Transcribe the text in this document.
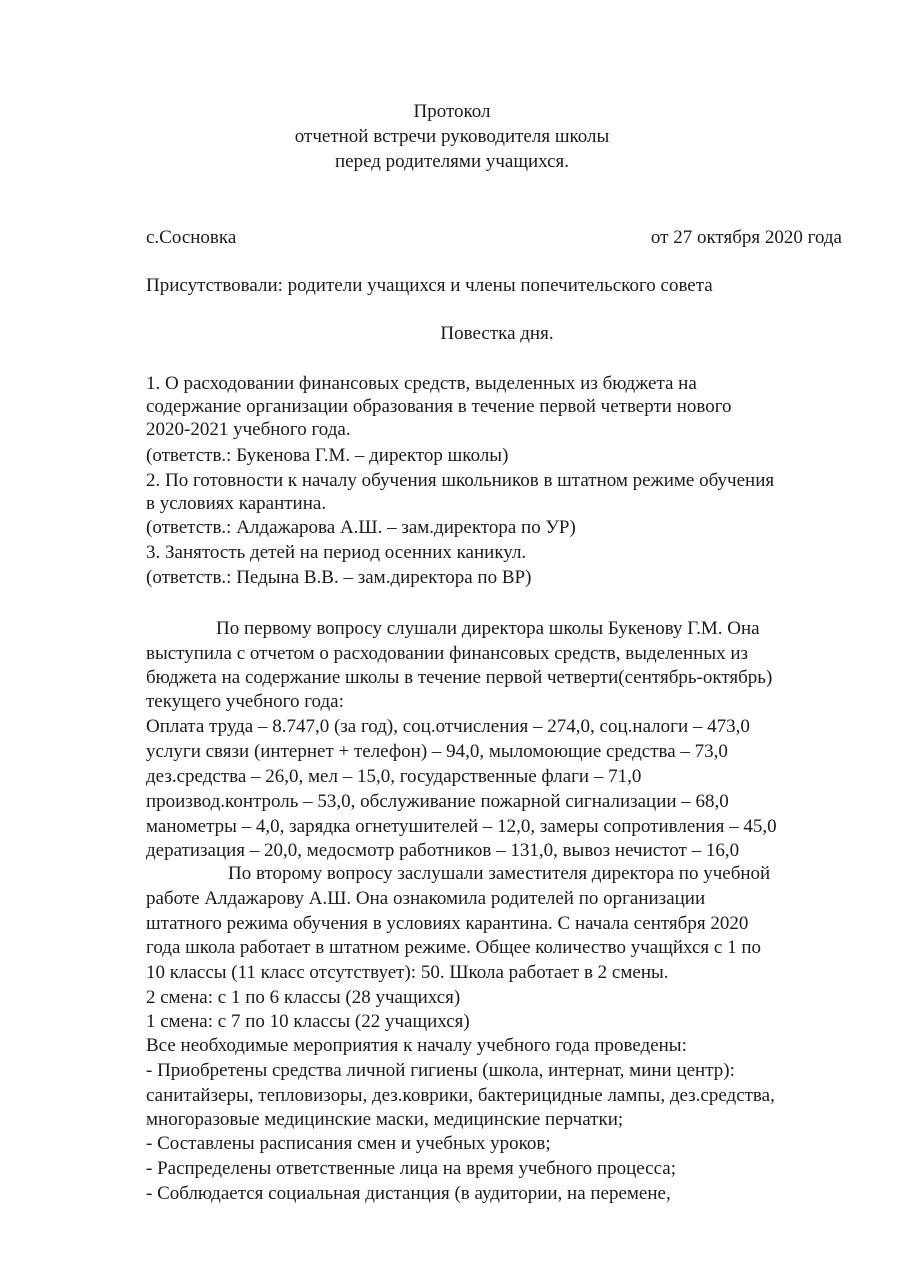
Протокол
отчетной встречи руководителя школы
перед родителями учащихся.
с.Сосновка	от 27 октября 2020 года
Присутствовали: родители учащихся и члены попечительского совета
Повестка дня.
1. О расходовании финансовых средств, выделенных из бюджета на
содержание организации образования в течение первой четверти нового
2020-2021 учебного года.
(ответств.: Букенова Г.М. – директор школы)
2. По готовности к началу обучения школьников в штатном режиме обучения
в условиях карантина.
(ответств.: Алдажарова А.Ш. – зам.директора по УР)
3. Занятость детей на период осенних каникул.
(ответств.: Педына В.В. – зам.директора по ВР)
По первому вопросу слушали директора школы Букенову Г.М. Она
выступила с отчетом о расходовании финансовых средств, выделенных из
бюджета на содержание школы в течение первой четверти(сентябрь-октябрь)
текущего учебного года:
Оплата труда – 8.747,0 (за год), соц.отчисления – 274,0, соц.налоги – 473,0
услуги связи (интернет + телефон) – 94,0, мыломоющие средства – 73,0
дез.средства – 26,0, мел – 15,0, государственные флаги – 71,0
производ.контроль – 53,0, обслуживание пожарной сигнализации – 68,0
манометры – 4,0, зарядка огнетушителей – 12,0, замеры сопротивления – 45,0
дератизация – 20,0, медосмотр работников – 131,0, вывоз нечистот – 16,0
По второму вопросу заслушали заместителя директора по учебной
работе Алдажарову А.Ш. Она ознакомила родителей по организации
штатного режима обучения в условиях карантина. С начала сентября 2020
года школа работает в штатном режиме. Общее количество учащйхся с 1 по
10 классы (11 класс отсутствует): 50. Школа работает в 2 смены.
2 смена: с 1 по 6 классы (28 учащихся)
1 смена: с 7 по 10 классы (22 учащихся)
Все необходимые мероприятия к началу учебного года проведены:
- Приобретены средства личной гигиены (школа, интернат, мини центр):
санитайзеры, тепловизоры, дез.коврики, бактерицидные лампы, дез.средства,
многоразовые медицинские маски, медицинские перчатки;
- Составлены расписания смен и учебных уроков;
- Распределены ответственные лица на время учебного процесса;
- Соблюдается социальная дистанция (в аудитории, на перемене,
